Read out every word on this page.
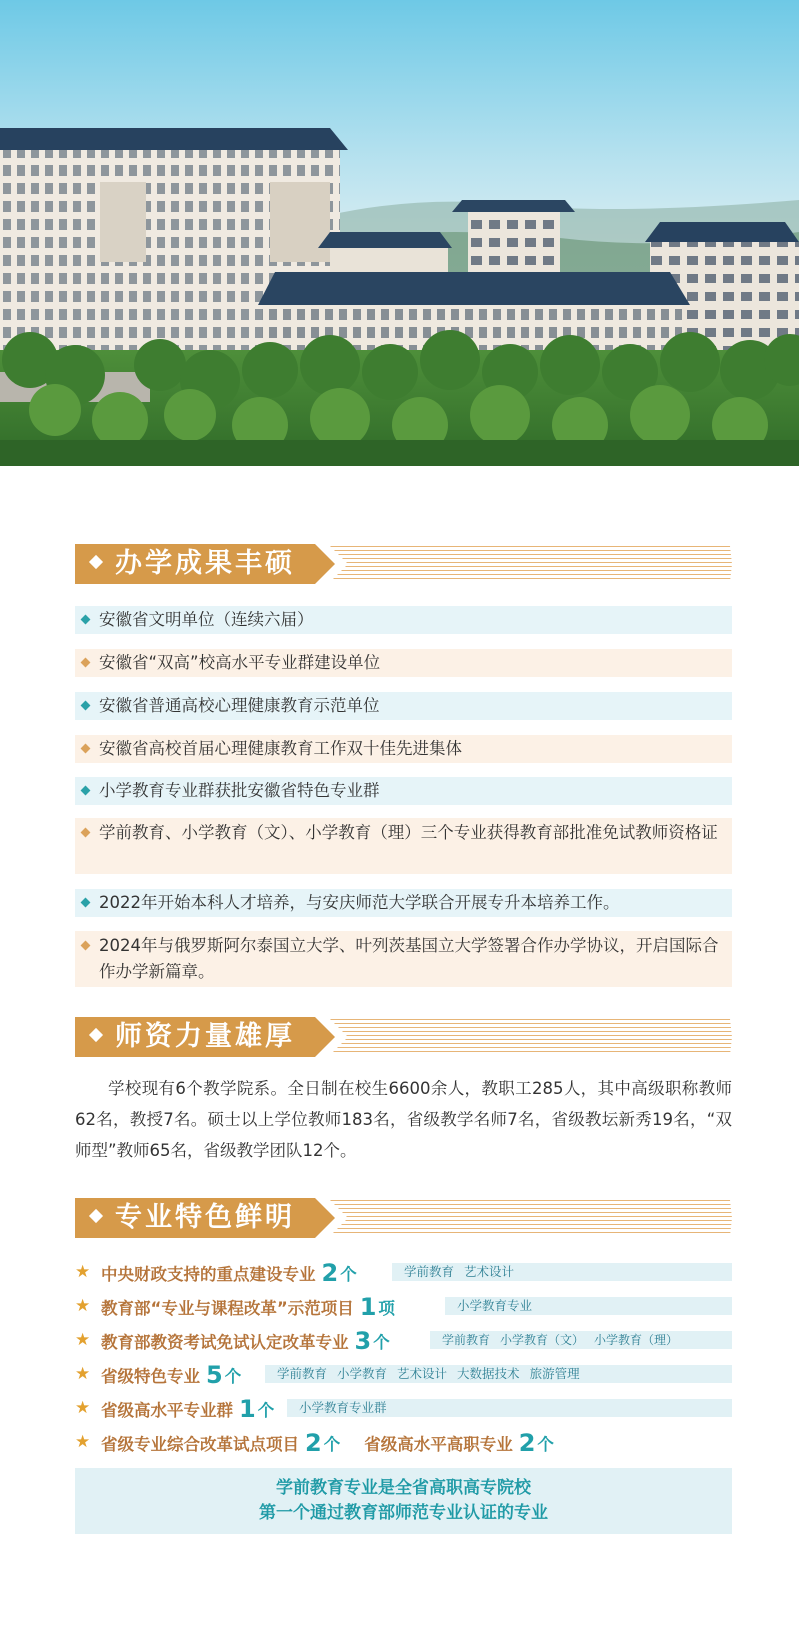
办学成果丰硕
安徽省文明单位（连续六届）
安徽省“双高”校高水平专业群建设单位
安徽省普通高校心理健康教育示范单位
安徽省高校首届心理健康教育工作双十佳先进集体
小学教育专业群获批安徽省特色专业群
学前教育、小学教育（文）、小学教育（理）三个专业获得教育部批准免试教师资格证
2022年开始本科人才培养，与安庆师范大学联合开展专升本培养工作。
2024年与俄罗斯阿尔泰国立大学、叶列茨基国立大学签署合作办学协议，开启国际合作办学新篇章。
师资力量雄厚
学校现有6个教学院系。全日制在校生6600余人，教职工285人，其中高级职称教师62名，教授7名。硕士以上学位教师183名，省级教学名师7名，省级教坛新秀19名，“双师型”教师65名，省级教学团队12个。
专业特色鲜明
★ 中央财政支持的重点建设专业 2 个	学前教育 艺术设计
★ 教育部“专业与课程改革”示范项目 1 项	小学教育专业
★ 教育部教资考试免试认定改革专业 3 个	学前教育 小学教育（文） 小学教育（理）
★ 省级特色专业 5 个	学前教育 小学教育 艺术设计 大数据技术 旅游管理
★ 省级高水平专业群 1 个	小学教育专业群
★ 省级专业综合改革试点项目 2 个 省级高水平高职专业 2 个
学前教育专业是全省高职高专院校
第一个通过教育部师范专业认证的专业
